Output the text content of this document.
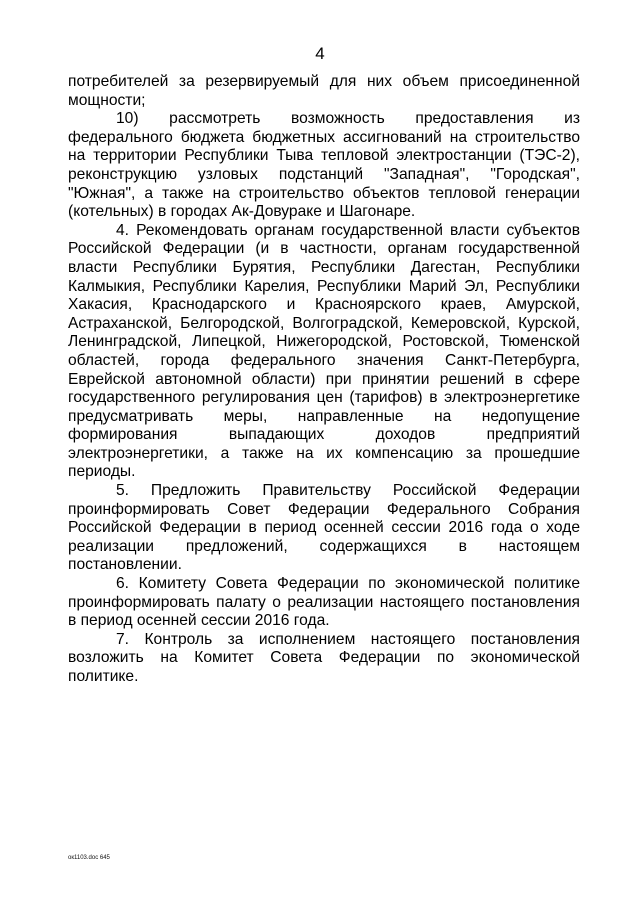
4

потребителей за резервируемый для них объем присоединенной мощности;

10) рассмотреть возможность предоставления из федерального бюджета бюджетных ассигнований на строительство на территории Республики Тыва тепловой электростанции (ТЭС-2), реконструкцию узловых подстанций "Западная", "Городская", "Южная", а также на строительство объектов тепловой генерации (котельных) в городах Ак-Довураке и Шагонаре.

4. Рекомендовать органам государственной власти субъектов Российской Федерации (и в частности, органам государственной власти Республики Бурятия, Республики Дагестан, Республики Калмыкия, Республики Карелия, Республики Марий Эл, Республики Хакасия, Краснодарского и Красноярского краев, Амурской, Астраханской, Белгородской, Волгоградской, Кемеровской, Курской, Ленинградской, Липецкой, Нижегородской, Ростовской, Тюменской областей, города федерального значения Санкт-Петербурга, Еврейской автономной области) при принятии решений в сфере государственного регулирования цен (тарифов) в электроэнергетике предусматривать меры, направленные на недопущение формирования выпадающих доходов предприятий электроэнергетики, а также на их компенсацию за прошедшие периоды.

5. Предложить Правительству Российской Федерации проинформировать Совет Федерации Федерального Собрания Российской Федерации в период осенней сессии 2016 года о ходе реализации предложений, содержащихся в настоящем постановлении.

6. Комитету Совета Федерации по экономической политике проинформировать палату о реализации настоящего постановления в период осенней сессии 2016 года.

7. Контроль за исполнением настоящего постановления возложить на Комитет Совета Федерации по экономической политике.

ок1103.doc 645
